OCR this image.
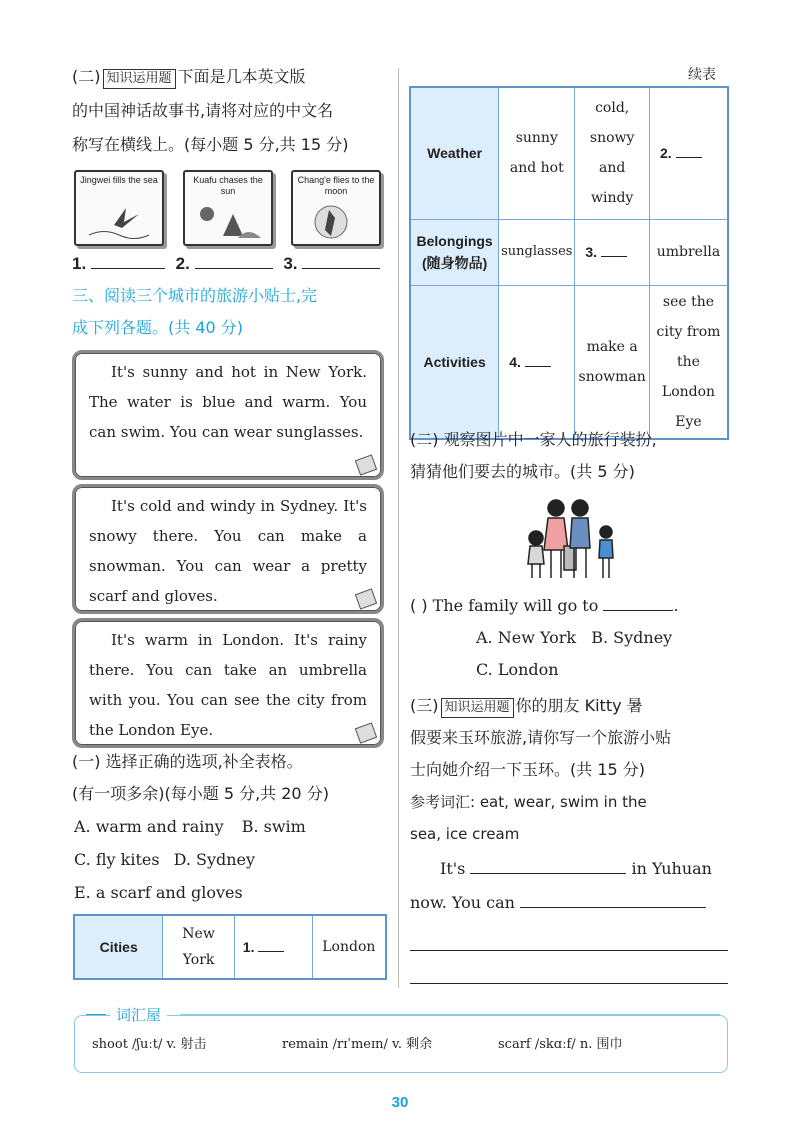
(二) 知识运用题 下面是几本英文版
的中国神话故事书,请将对应的中文名
称写在横线上。(每小题 5 分,共 15 分)
Jingwei fills the sea	Kuafu chases the sun
Chang'e flies to the moon
1.	2.	3.
三、阅读三个城市的旅游小贴士,完
成下列各题。(共 40 分)
It's sunny and hot in New York. The water is blue and warm. You can swim. You can wear sunglasses.
It's cold and windy in Sydney. It's snowy there. You can make a snowman. You can wear a pretty scarf and gloves.
It's warm in London. It's rainy there. You can take an umbrella with you. You can see the city from the London Eye.
(一) 选择正确的选项,补全表格。
(有一项多余)(每小题 5 分,共 20 分)
A. warm and rainy B. swim
C. fly kites D. Sydney
E. a scarf and gloves
Cities	New York	1.	London
续表
Weather	sunny and hot	cold, snowy and windy	2.
Belongings (随身物品)	sunglasses	3.	umbrella
Activities	4.	make a snowman	see the city from the London Eye
(二) 观察图片中一家人的旅行装扮,
猜猜他们要去的城市。(共 5 分)
( ) The family will go to	.
A. New York B. Sydney
C. London
(三) 知识运用题 你的朋友 Kitty 暑
假要来玉环旅游,请你写一个旅游小贴
士向她介绍一下玉环。(共 15 分)
参考词汇: eat, wear, swim in the
sea, ice cream
It's	in Yuhuan
now. You can
词汇屋
shoot /ʃuːt/ v. 射击	remain /rɪˈmeɪn/ v. 剩余	scarf /skɑːf/ n. 围巾
30
